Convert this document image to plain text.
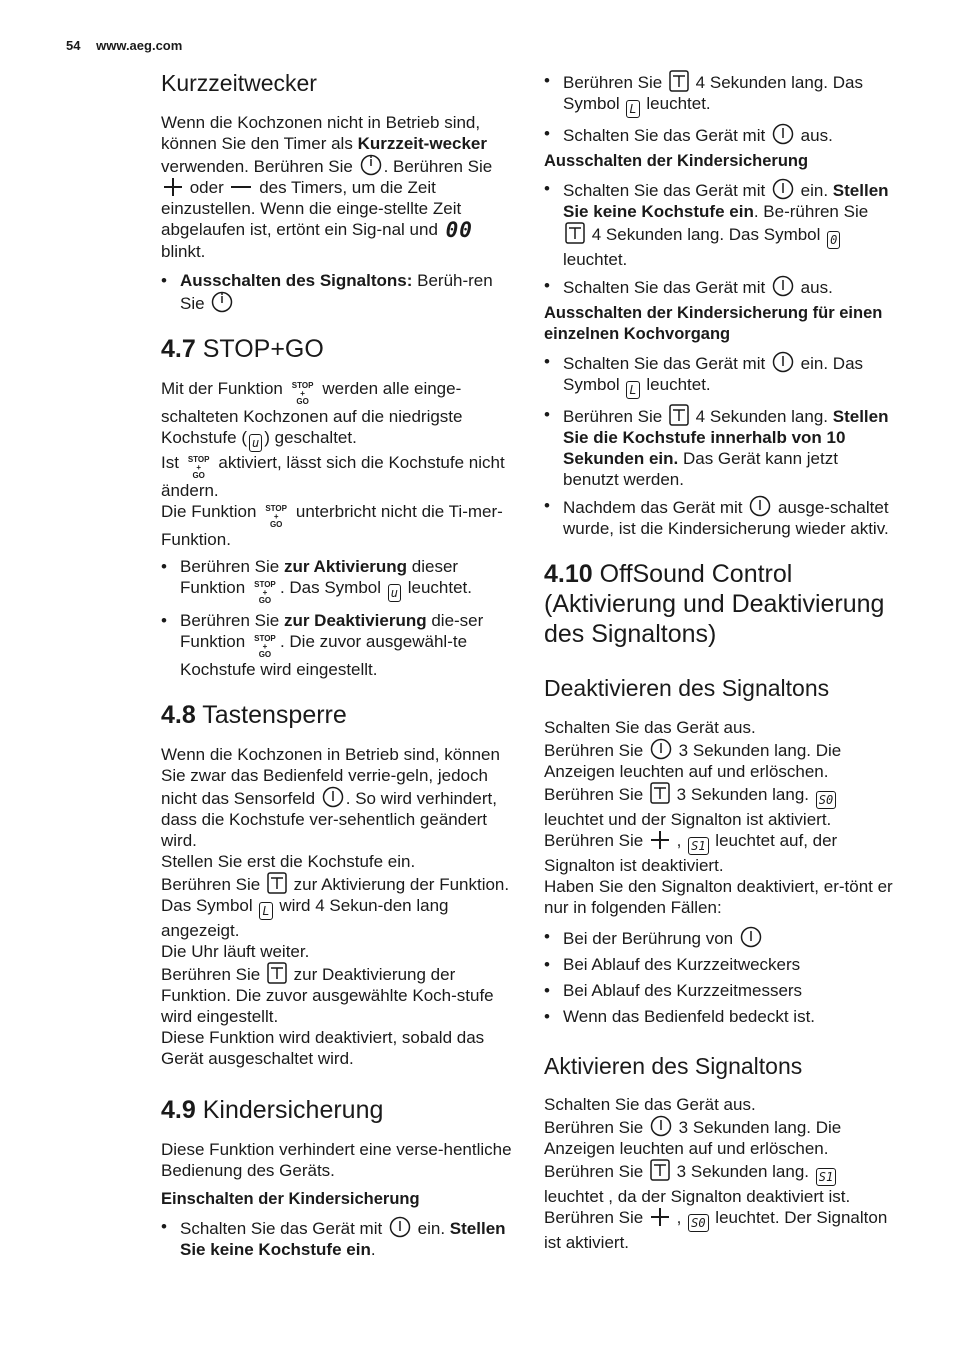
54 www.aeg.com
Kurzzeitwecker

Wenn die Kochzonen nicht in Betrieb sind, können Sie den Timer als Kurzzeit-wecker verwenden. Berühren Sie
. Berühren Sie
oder
des Timers, um die Zeit einzustellen. Wenn die einge-stellte Zeit abgelaufen ist, ertönt ein Sig-nal und 00 blinkt.

• Ausschalten des Signaltons: Berüh-ren Sie
4.7 STOP+GO

Mit der Funktion STOP
+
GO werden alle einge-schalteten Kochzonen auf die niedrigste Kochstufe ( u ) geschaltet.

Ist STOP
+
GO aktiviert, lässt sich die Kochstufe nicht ändern.

Die Funktion STOP
+
GO unterbricht nicht die Ti-mer-Funktion.

• Berühren Sie zur Aktivierung dieser Funktion STOP
+
GO. Das Symbol u leuchtet.
• Berühren Sie zur Deaktivierung die-ser Funktion STOP
+
GO. Die zuvor ausgewähl-te Kochstufe wird eingestellt.
4.8 Tastensperre

Wenn die Kochzonen in Betrieb sind, können Sie zwar das Bedienfeld verrie-geln, jedoch nicht das Sensorfeld
. So wird verhindert, dass die Kochstufe ver-sehentlich geändert wird.

Stellen Sie erst die Kochstufe ein.

Berühren Sie
zur Aktivierung der Funktion. Das Symbol L wird 4 Sekun-den lang angezeigt.

Die Uhr läuft weiter.

Berühren Sie
zur Deaktivierung der Funktion. Die zuvor ausgewählte Koch-stufe wird eingestellt.

Diese Funktion wird deaktiviert, sobald das Gerät ausgeschaltet wird.

4.9 Kindersicherung

Diese Funktion verhindert eine verse-hentliche Bedienung des Geräts.

Einschalten der Kindersicherung
• Schalten Sie das Gerät mit
ein. Stellen Sie keine Kochstufe ein.
• Berühren Sie
4 Sekunden lang. Das Symbol L leuchtet.
• Schalten Sie das Gerät mit
aus.
Ausschalten der Kindersicherung
• Schalten Sie das Gerät mit
ein. Stellen Sie keine Kochstufe ein. Be-rühren Sie
4 Sekunden lang. Das Symbol 0 leuchtet.
• Schalten Sie das Gerät mit
aus.
Ausschalten der Kindersicherung für einen einzelnen Kochvorgang
• Schalten Sie das Gerät mit
ein. Das Symbol L leuchtet.
• Berühren Sie
4 Sekunden lang. Stellen Sie die Kochstufe innerhalb von 10 Sekunden ein. Das Gerät kann jetzt benutzt werden.
• Nachdem das Gerät mit
ausge-schaltet wurde, ist die Kindersicherung wieder aktiv.
4.10 OffSound Control (Aktivierung und Deaktivierung des Signaltons)
Deaktivieren des Signaltons

Schalten Sie das Gerät aus.

Berühren Sie
3 Sekunden lang. Die Anzeigen leuchten auf und erlöschen.

Berühren Sie
3 Sekunden lang. S0 leuchtet und der Signalton ist aktiviert.

Berühren Sie
, S1 leuchtet auf, der Signalton ist deaktiviert.

Haben Sie den Signalton deaktiviert, er-tönt er nur in folgenden Fällen:

• Bei der Berührung von
• Bei Ablauf des Kurzzeitweckers
• Bei Ablauf des Kurzzeitmessers
• Wenn das Bedienfeld bedeckt ist.
Aktivieren des Signaltons

Schalten Sie das Gerät aus.

Berühren Sie
3 Sekunden lang. Die Anzeigen leuchten auf und erlöschen.

Berühren Sie
3 Sekunden lang. S1 leuchtet , da der Signalton deaktiviert ist. Berühren Sie
, S0 leuchtet. Der Signalton ist aktiviert.
